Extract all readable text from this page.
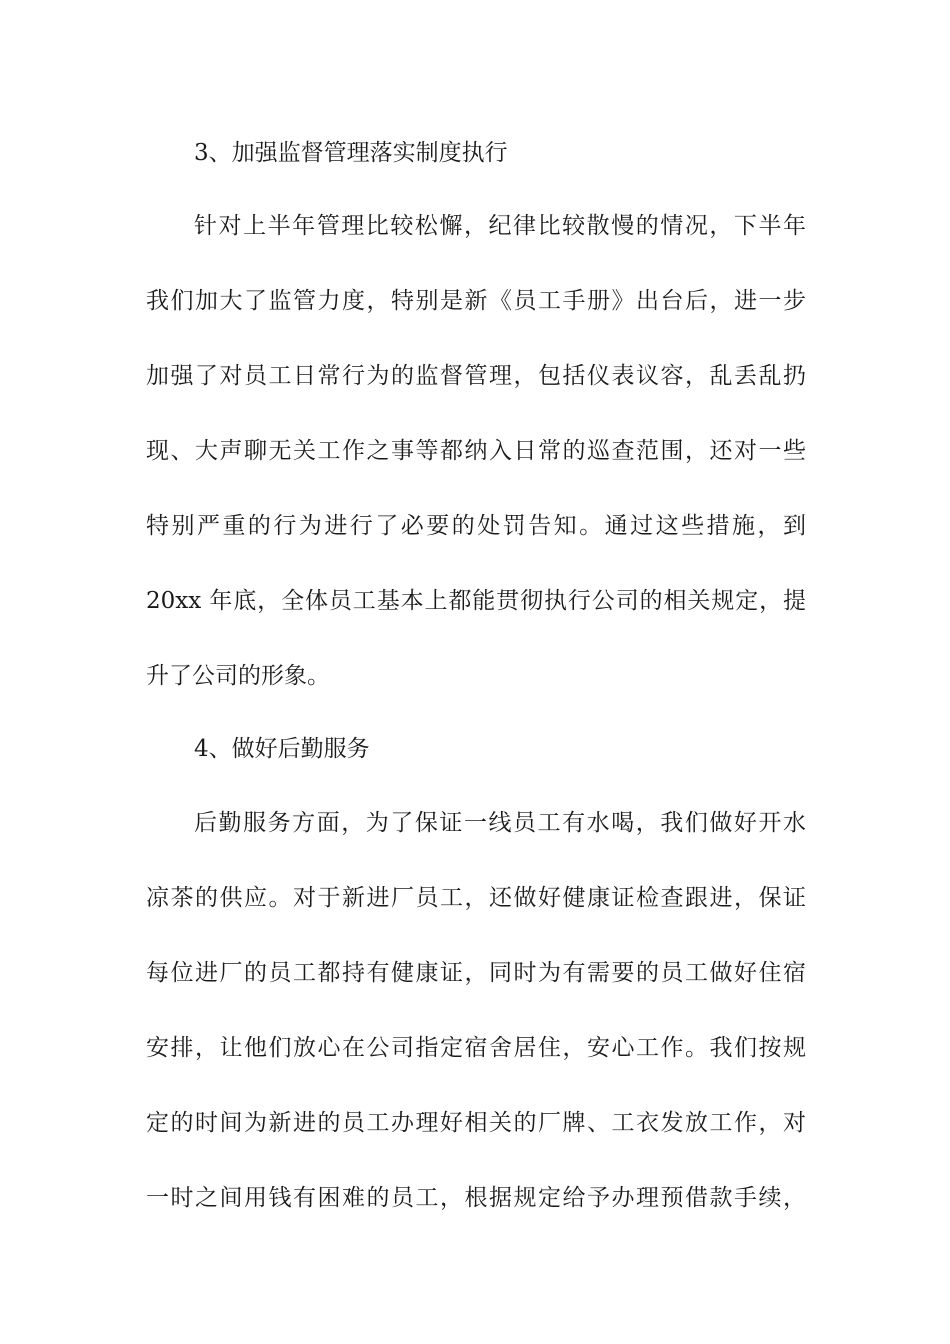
3、加强监督管理落实制度执行
针对上半年管理比较松懈，纪律比较散慢的情况，下半年
我们加大了监管力度，特别是新《员工手册》出台后，进一步
加强了对员工日常行为的监督管理，包括仪表议容，乱丢乱扔
现、大声聊无关工作之事等都纳入日常的巡查范围，还对一些
特别严重的行为进行了必要的处罚告知。通过这些措施，到
20xx 年底，全体员工基本上都能贯彻执行公司的相关规定，提
升了公司的形象。
4、做好后勤服务
后勤服务方面，为了保证一线员工有水喝，我们做好开水
凉茶的供应。对于新进厂员工，还做好健康证检查跟进，保证
每位进厂的员工都持有健康证，同时为有需要的员工做好住宿
安排，让他们放心在公司指定宿舍居住，安心工作。我们按规
定的时间为新进的员工办理好相关的厂牌、工衣发放工作，对
一时之间用钱有困难的员工，根据规定给予办理预借款手续，
